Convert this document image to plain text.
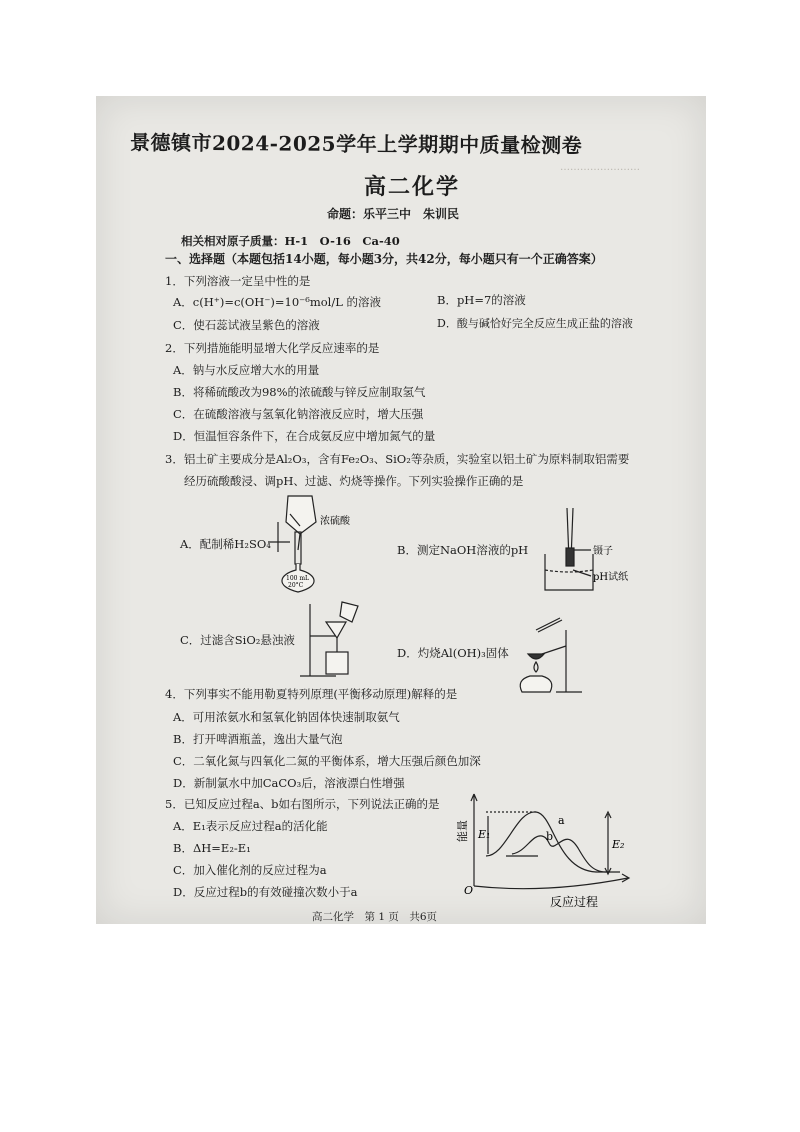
……………………
景德镇市2024-2025学年上学期期中质量检测卷
高二化学
命题：乐平三中　朱训民
相关相对原子质量：H-1　O-16　Ca-40
一、选择题（本题包括14小题，每小题3分，共42分，每小题只有一个正确答案）
1．下列溶液一定呈中性的是
A．c(H⁺)=c(OH⁻)=10⁻⁶mol/L 的溶液	B．pH=7的溶液
C．使石蕊试液呈紫色的溶液	D．酸与碱恰好完全反应生成正盐的溶液
2．下列措施能明显增大化学反应速率的是
A．钠与水反应增大水的用量
B．将稀硫酸改为98%的浓硫酸与锌反应制取氢气
C．在硫酸溶液与氢氧化钠溶液反应时，增大压强
D．恒温恒容条件下，在合成氨反应中增加氮气的量
3．铝土矿主要成分是Al₂O₃，含有Fe₂O₃、SiO₂等杂质，实验室以铝土矿为原料制取铝需要
经历硫酸酸浸、调pH、过滤、灼烧等操作。下列实验操作正确的是
A．配制稀H₂SO₄	B．测定NaOH溶液的pH
C．过滤含SiO₂悬浊液
D．灼烧Al(OH)₃固体
浓硫酸
100 mL
20°C
镊子
pH试纸
4．下列事实不能用勒夏特列原理(平衡移动原理)解释的是
A．可用浓氨水和氢氧化钠固体快速制取氨气
B．打开啤酒瓶盖，逸出大量气泡
C．二氧化氮与四氧化二氮的平衡体系，增大压强后颜色加深
D．新制氯水中加CaCO₃后，溶液漂白性增强
5．已知反应过程a、b如右图所示，下列说法正确的是
A．E₁表示反应过程a的活化能
B．ΔH=E₂-E₁
C．加入催化剂的反应过程为a
D．反应过程b的有效碰撞次数小于a
能量 E₁
E₂
a
b
O
反应过程
高二化学　第 1 页　共6页
